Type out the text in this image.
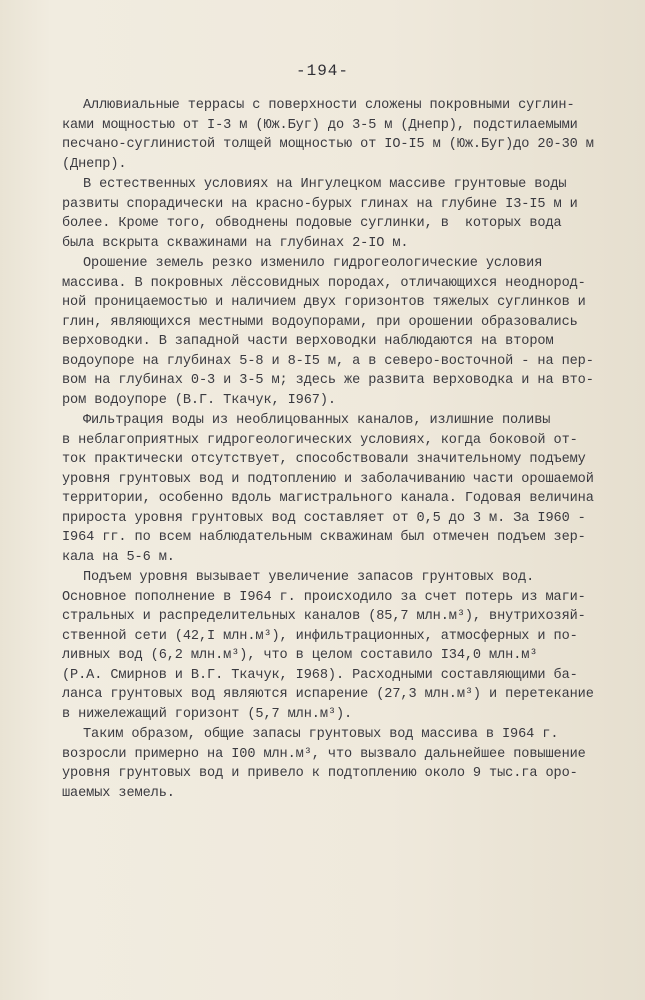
-194-
Аллювиальные террасы с поверхности сложены покровными суглин-
ками мощностью от I-3 м (Юж.Буг) до 3-5 м (Днепр), подстилаемыми
песчано-суглинистой толщей мощностью от IO-I5 м (Юж.Буг)до 20-30 м
(Днепр).
В естественных условиях на Ингулецком массиве грунтовые воды
развиты спорадически на красно-бурых глинах на глубине I3-I5 м и
более. Кроме того, обводнены подовые суглинки, в  которых вода
была вскрыта скважинами на глубинах 2-IO м.
Орошение земель резко изменило гидрогеологические условия
массива. В покровных лёссовидных породах, отличающихся неоднород-
ной проницаемостью и наличием двух горизонтов тяжелых суглинков и
глин, являющихся местными водоупорами, при орошении образовались
верховодки. В западной части верховодки наблюдаются на втором
водоупоре на глубинах 5-8 и 8-I5 м, а в северо-восточной - на пер-
вом на глубинах 0-3 и 3-5 м; здесь же развита верховодка и на вто-
ром водоупоре (В.Г. Ткачук, I967).
Фильтрация воды из необлицованных каналов, излишние поливы
в неблагоприятных гидрогеологических условиях, когда боковой от-
ток практически отсутствует, способствовали значительному подъему
уровня грунтовых вод и подтоплению и заболачиванию части орошаемой
территории, особенно вдоль магистрального канала. Годовая величина
прироста уровня грунтовых вод составляет от 0,5 до 3 м. За I960 -
I964 гг. по всем наблюдательным скважинам был отмечен подъем зер-
кала на 5-6 м.
Подъем уровня вызывает увеличение запасов грунтовых вод.
Основное пополнение в I964 г. происходило за счет потерь из маги-
стральных и распределительных каналов (85,7 млн.м³), внутрихозяй-
ственной сети (42,I млн.м³), инфильтрационных, атмосферных и по-
ливных вод (6,2 млн.м³), что в целом составило I34,0 млн.м³
(Р.А. Смирнов и В.Г. Ткачук, I968). Расходными составляющими ба-
ланса грунтовых вод являются испарение (27,3 млн.м³) и перетекание
в нижележащий горизонт (5,7 млн.м³).
Таким образом, общие запасы грунтовых вод массива в I964 г.
возросли примерно на I00 млн.м³, что вызвало дальнейшее повышение
уровня грунтовых вод и привело к подтоплению около 9 тыс.га оро-
шаемых земель.
